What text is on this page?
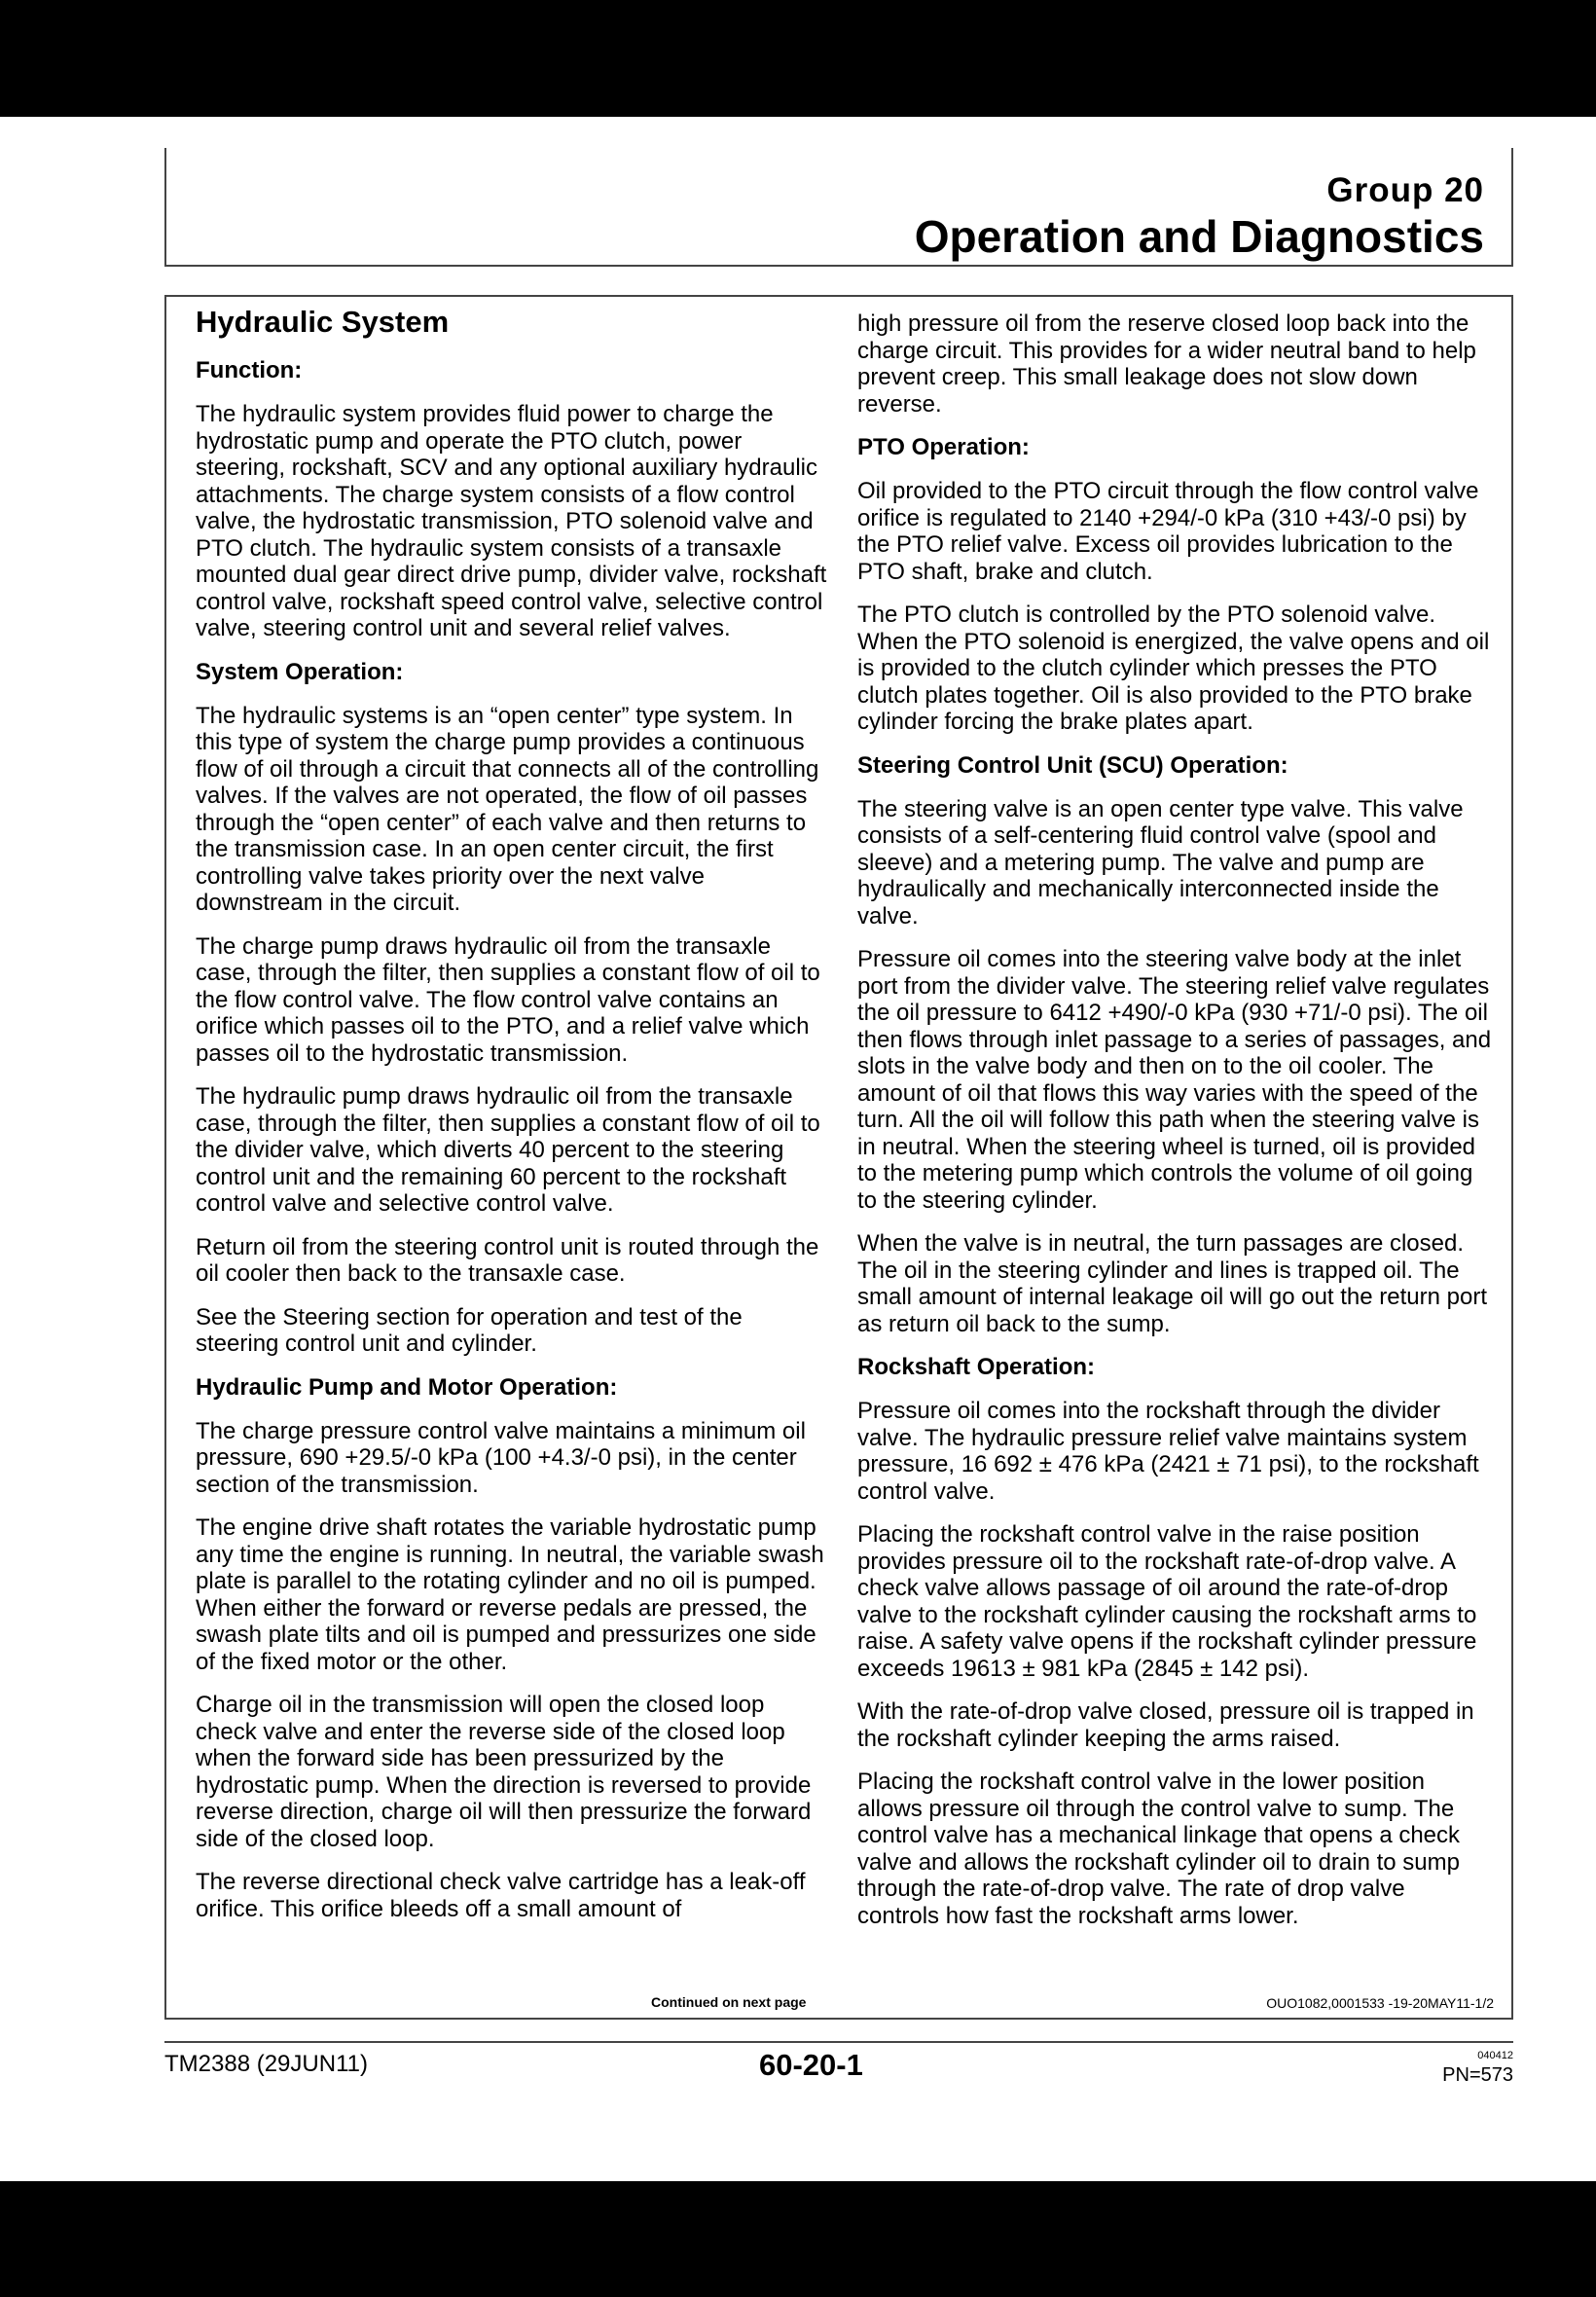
Group 20
Operation and Diagnostics
Hydraulic System
Function:

The hydraulic system provides fluid power to charge the hydrostatic pump and operate the PTO clutch, power steering, rockshaft, SCV and any optional auxiliary hydraulic attachments. The charge system consists of a flow control valve, the hydrostatic transmission, PTO solenoid valve and PTO clutch. The hydraulic system consists of a transaxle mounted dual gear direct drive pump, divider valve, rockshaft control valve, rockshaft speed control valve, selective control valve, steering control unit and several relief valves.

System Operation:

The hydraulic systems is an “open center” type system. In this type of system the charge pump provides a continuous flow of oil through a circuit that connects all of the controlling valves. If the valves are not operated, the flow of oil passes through the “open center” of each valve and then returns to the transmission case. In an open center circuit, the first controlling valve takes priority over the next valve downstream in the circuit.

The charge pump draws hydraulic oil from the transaxle case, through the filter, then supplies a constant flow of oil to the flow control valve. The flow control valve contains an orifice which passes oil to the PTO, and a relief valve which passes oil to the hydrostatic transmission.

The hydraulic pump draws hydraulic oil from the transaxle case, through the filter, then supplies a constant flow of oil to the divider valve, which diverts 40 percent to the steering control unit and the remaining 60 percent to the rockshaft control valve and selective control valve.

Return oil from the steering control unit is routed through the oil cooler then back to the transaxle case.

See the Steering section for operation and test of the steering control unit and cylinder.

Hydraulic Pump and Motor Operation:

The charge pressure control valve maintains a minimum oil pressure, 690 +29.5/-0 kPa (100 +4.3/-0 psi), in the center section of the transmission.

The engine drive shaft rotates the variable hydrostatic pump any time the engine is running. In neutral, the variable swash plate is parallel to the rotating cylinder and no oil is pumped. When either the forward or reverse pedals are pressed, the swash plate tilts and oil is pumped and pressurizes one side of the fixed motor or the other.

Charge oil in the transmission will open the closed loop check valve and enter the reverse side of the closed loop when the forward side has been pressurized by the hydrostatic pump. When the direction is reversed to provide reverse direction, charge oil will then pressurize the forward side of the closed loop.

The reverse directional check valve cartridge has a leak-off orifice. This orifice bleeds off a small amount of

high pressure oil from the reserve closed loop back into the charge circuit. This provides for a wider neutral band to help prevent creep. This small leakage does not slow down reverse.

PTO Operation:

Oil provided to the PTO circuit through the flow control valve orifice is regulated to 2140 +294/-0 kPa (310 +43/-0 psi) by the PTO relief valve. Excess oil provides lubrication to the PTO shaft, brake and clutch.

The PTO clutch is controlled by the PTO solenoid valve. When the PTO solenoid is energized, the valve opens and oil is provided to the clutch cylinder which presses the PTO clutch plates together. Oil is also provided to the PTO brake cylinder forcing the brake plates apart.

Steering Control Unit (SCU) Operation:

The steering valve is an open center type valve. This valve consists of a self-centering fluid control valve (spool and sleeve) and a metering pump. The valve and pump are hydraulically and mechanically interconnected inside the valve.

Pressure oil comes into the steering valve body at the inlet port from the divider valve. The steering relief valve regulates the oil pressure to 6412 +490/-0 kPa (930 +71/-0 psi). The oil then flows through inlet passage to a series of passages, and slots in the valve body and then on to the oil cooler. The amount of oil that flows this way varies with the speed of the turn. All the oil will follow this path when the steering valve is in neutral. When the steering wheel is turned, oil is provided to the metering pump which controls the volume of oil going to the steering cylinder.

When the valve is in neutral, the turn passages are closed. The oil in the steering cylinder and lines is trapped oil. The small amount of internal leakage oil will go out the return port as return oil back to the sump.

Rockshaft Operation:

Pressure oil comes into the rockshaft through the divider valve. The hydraulic pressure relief valve maintains system pressure, 16 692 ± 476 kPa (2421 ± 71 psi), to the rockshaft control valve.

Placing the rockshaft control valve in the raise position provides pressure oil to the rockshaft rate-of-drop valve. A check valve allows passage of oil around the rate-of-drop valve to the rockshaft cylinder causing the rockshaft arms to raise. A safety valve opens if the rockshaft cylinder pressure exceeds 19613 ± 981 kPa (2845 ± 142 psi).

With the rate-of-drop valve closed, pressure oil is trapped in the rockshaft cylinder keeping the arms raised.

Placing the rockshaft control valve in the lower position allows pressure oil through the control valve to sump. The control valve has a mechanical linkage that opens a check valve and allows the rockshaft cylinder oil to drain to sump through the rate-of-drop valve. The rate of drop valve controls how fast the rockshaft arms lower.

Continued on next page	OUO1082,0001533 -19-20MAY11-1/2
TM2388 (29JUN11)	60-20-1	040412
PN=573
